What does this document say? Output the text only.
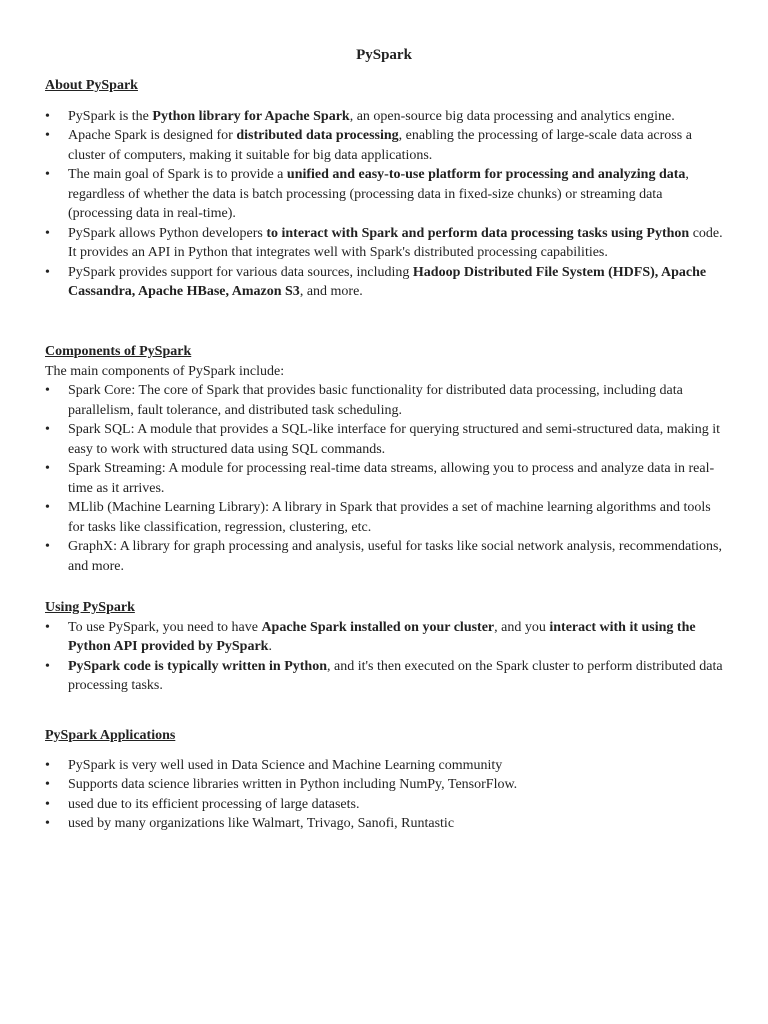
PySpark

About PySpark

•
PySpark is the Python library for Apache Spark, an open-source big data processing and analytics engine.
•
Apache Spark is designed for distributed data processing, enabling the processing of large-scale data across a cluster of computers, making it suitable for big data applications.
•
The main goal of Spark is to provide a unified and easy-to-use platform for processing and analyzing data, regardless of whether the data is batch processing (processing data in fixed-size chunks) or streaming data (processing data in real-time).
•
PySpark allows Python developers to interact with Spark and perform data processing tasks using Python code. It provides an API in Python that integrates well with Spark's distributed processing capabilities.
•
PySpark provides support for various data sources, including Hadoop Distributed File System (HDFS), Apache Cassandra, Apache HBase, Amazon S3, and more.

Components of PySpark

The main components of PySpark include:

•
Spark Core: The core of Spark that provides basic functionality for distributed data processing, including data parallelism, fault tolerance, and distributed task scheduling.
•
Spark SQL: A module that provides a SQL-like interface for querying structured and semi-structured data, making it easy to work with structured data using SQL commands.
•
Spark Streaming: A module for processing real-time data streams, allowing you to process and analyze data in real-time as it arrives.
•
MLlib (Machine Learning Library): A library in Spark that provides a set of machine learning algorithms and tools for tasks like classification, regression, clustering, etc.
•
GraphX: A library for graph processing and analysis, useful for tasks like social network analysis, recommendations, and more.

Using PySpark

•
To use PySpark, you need to have Apache Spark installed on your cluster, and you interact with it using the Python API provided by PySpark.
•
PySpark code is typically written in Python, and it's then executed on the Spark cluster to perform distributed data processing tasks.

PySpark Applications

•
PySpark is very well used in Data Science and Machine Learning community
•
Supports data science libraries written in Python including NumPy, TensorFlow.
•
used due to its efficient processing of large datasets.
•
used by many organizations like Walmart, Trivago, Sanofi, Runtastic
